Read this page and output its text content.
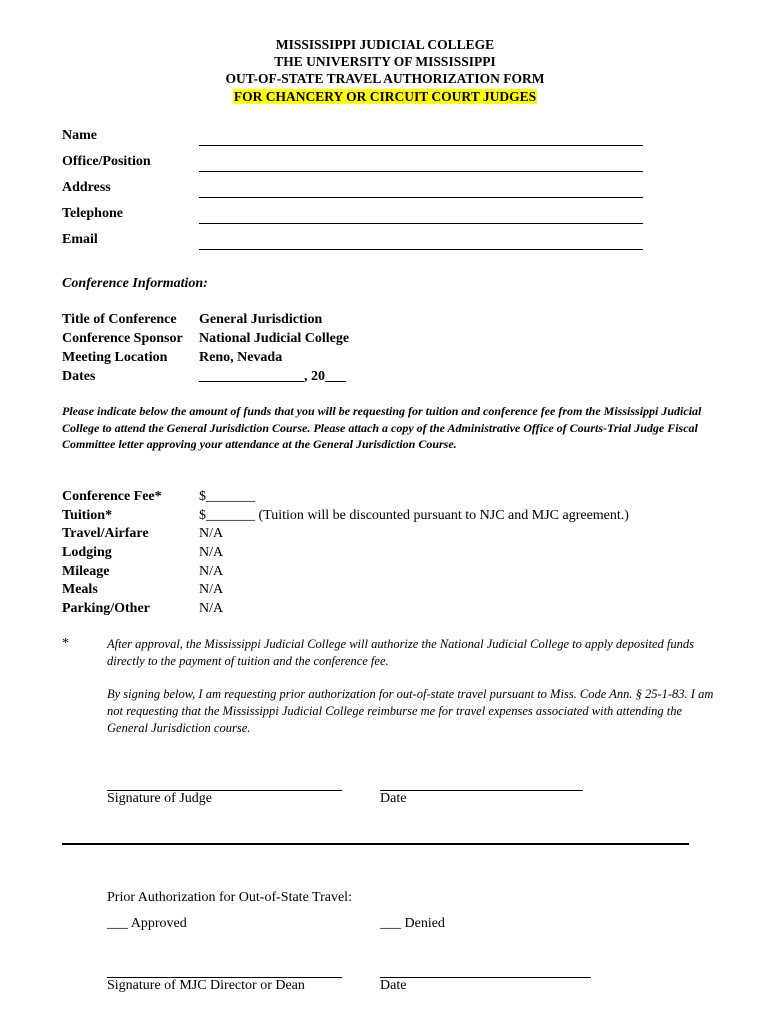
MISSISSIPPI JUDICIAL COLLEGE
THE UNIVERSITY OF MISSISSIPPI
OUT-OF-STATE TRAVEL AUTHORIZATION FORM
FOR CHANCERY OR CIRCUIT COURT JUDGES
Name
Office/Position
Address
Telephone
Email
Conference Information:
Title of Conference General Jurisdiction
Conference Sponsor National Judicial College
Meeting Location Reno, Nevada
Dates	_______________, 20___
Please indicate below the amount of funds that you will be requesting for tuition and conference fee from the Mississippi Judicial College to attend the General Jurisdiction Course. Please attach a copy of the Administrative Office of Courts-Trial Judge Fiscal Committee letter approving your attendance at the General Jurisdiction Course.
Conference Fee*	$_______
Tuition*	$_______ (Tuition will be discounted pursuant to NJC and MJC agreement.)
Travel/Airfare	N/A
Lodging	N/A
Mileage	N/A
Meals	N/A
Parking/Other	N/A
*	After approval, the Mississippi Judicial College will authorize the National Judicial College to apply deposited funds directly to the payment of tuition and the conference fee.
By signing below, I am requesting prior authorization for out-of-state travel pursuant to Miss. Code Ann. § 25-1-83. I am not requesting that the Mississippi Judicial College reimburse me for travel expenses associated with attending the General Jurisdiction course.
Signature of Judge	Date
Prior Authorization for Out-of-State Travel:
___ Approved	___ Denied
Signature of MJC Director or Dean	Date
